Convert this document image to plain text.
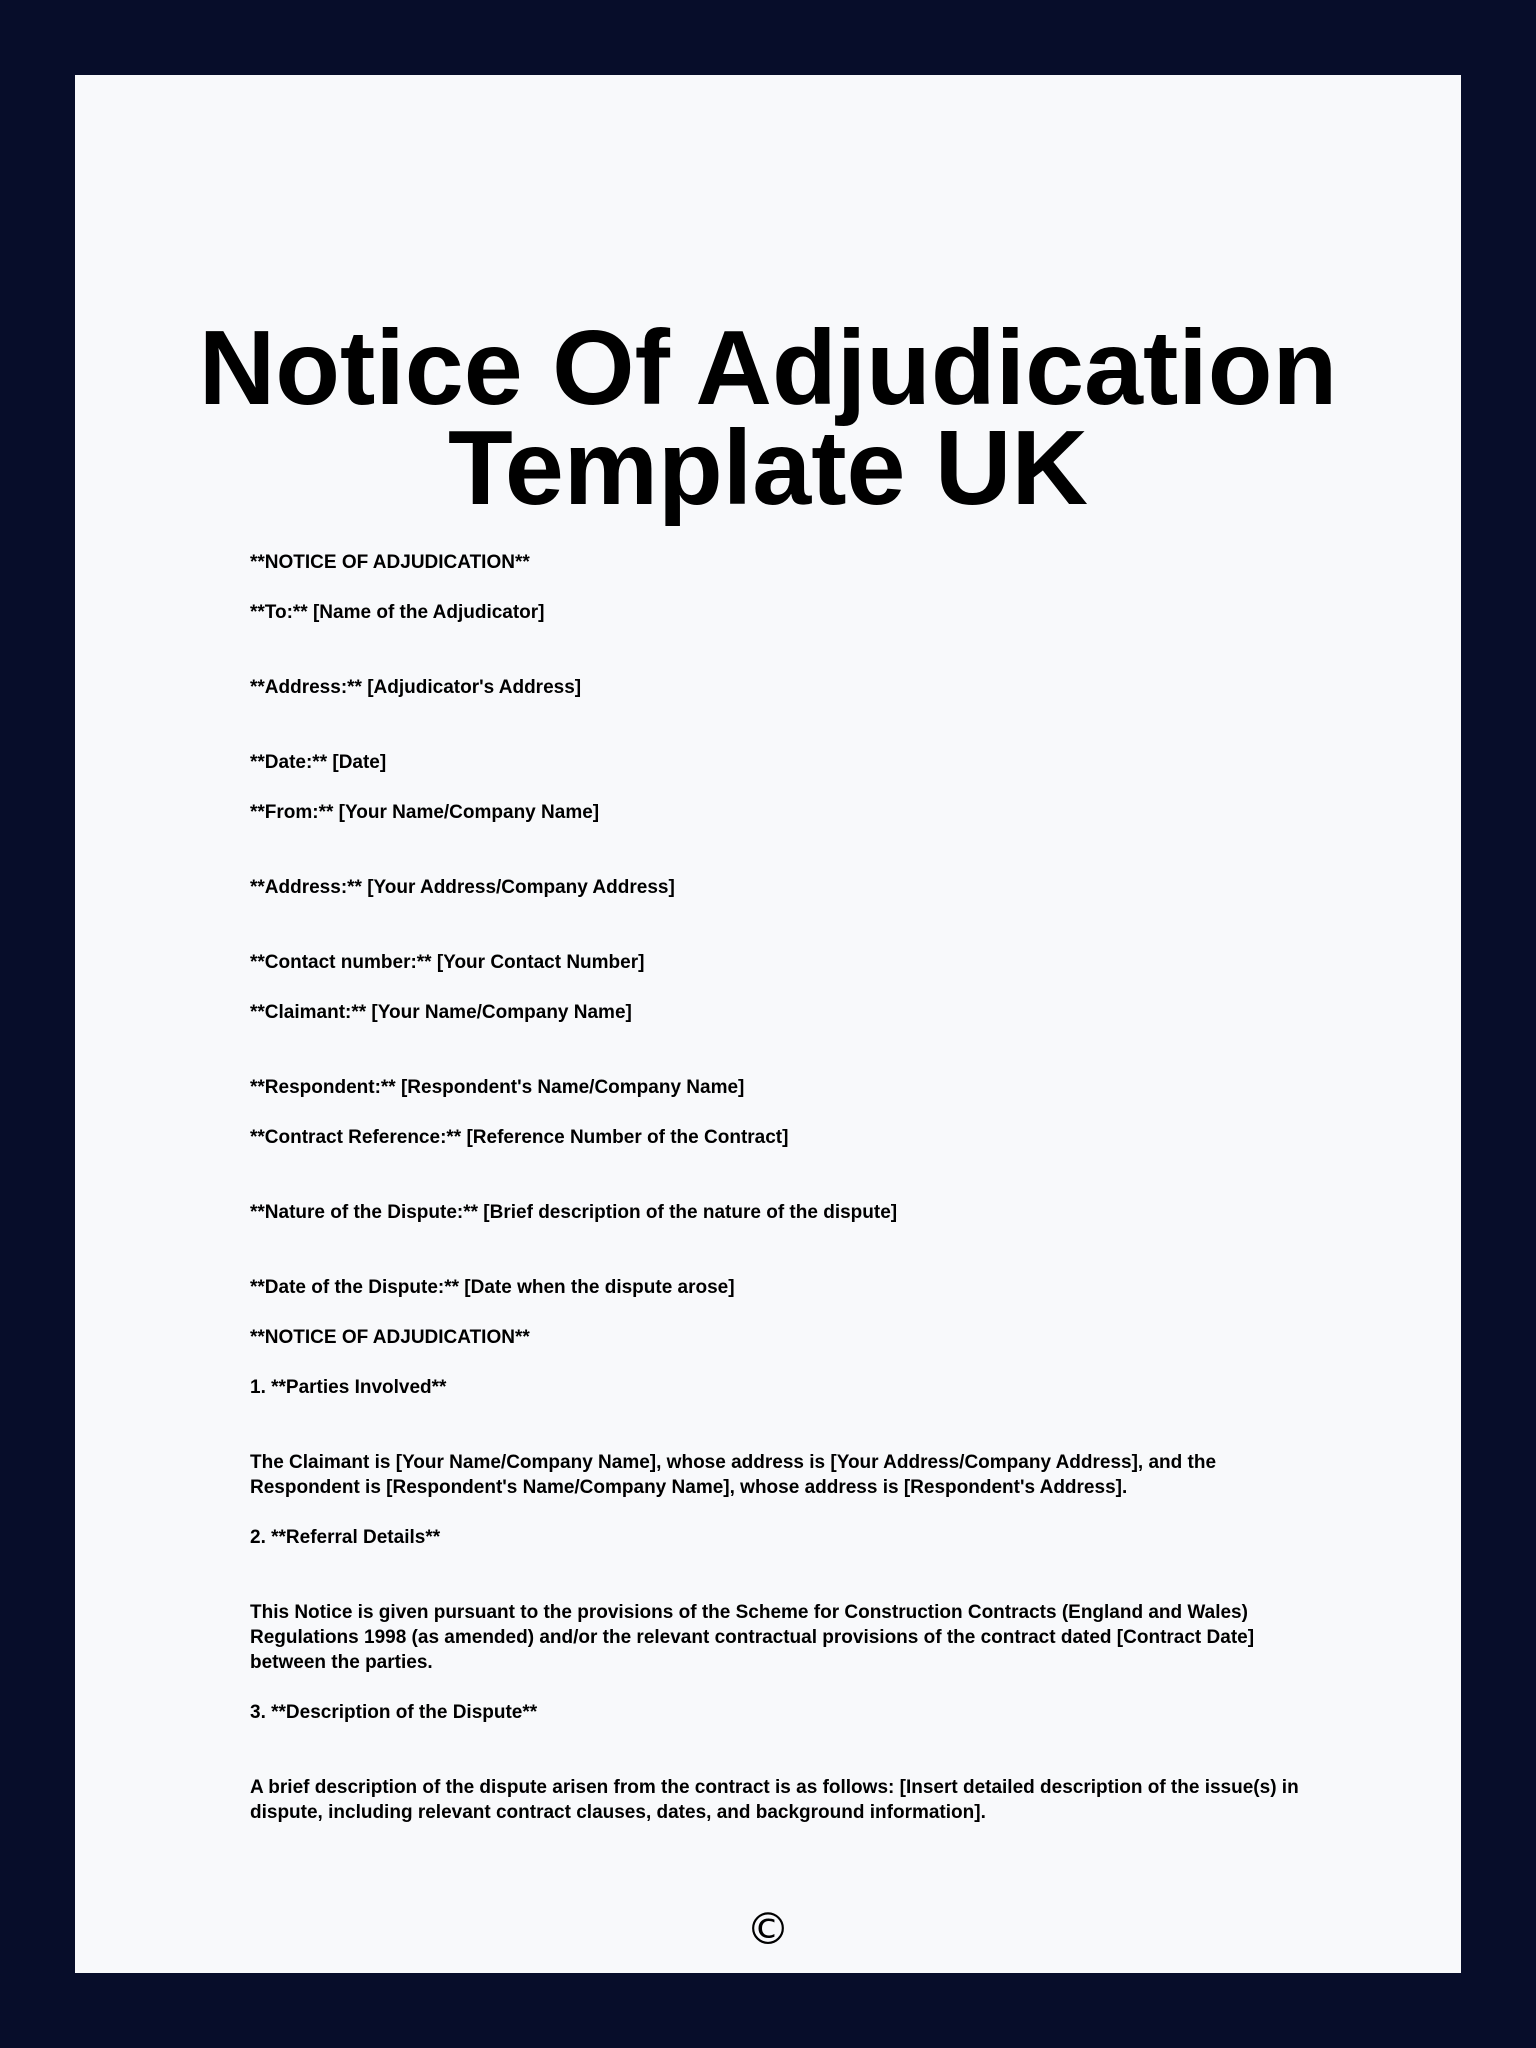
Notice Of Adjudication
Template UK

**NOTICE OF ADJUDICATION**

**To:** [Name of the Adjudicator]

**Address:** [Adjudicator's Address]

**Date:** [Date]

**From:** [Your Name/Company Name]

**Address:** [Your Address/Company Address]

**Contact number:** [Your Contact Number]

**Claimant:** [Your Name/Company Name]

**Respondent:** [Respondent's Name/Company Name]

**Contract Reference:** [Reference Number of the Contract]

**Nature of the Dispute:** [Brief description of the nature of the dispute]

**Date of the Dispute:** [Date when the dispute arose]

**NOTICE OF ADJUDICATION**

1. **Parties Involved**

The Claimant is [Your Name/Company Name], whose address is [Your Address/Company Address], and the Respondent is [Respondent's Name/Company Name], whose address is [Respondent's Address].

2. **Referral Details**

This Notice is given pursuant to the provisions of the Scheme for Construction Contracts (England and Wales) Regulations 1998 (as amended) and/or the relevant contractual provisions of the contract dated [Contract Date] between the parties.

3. **Description of the Dispute**

A brief description of the dispute arisen from the contract is as follows: [Insert detailed description of the issue(s) in dispute, including relevant contract clauses, dates, and background information].

©
